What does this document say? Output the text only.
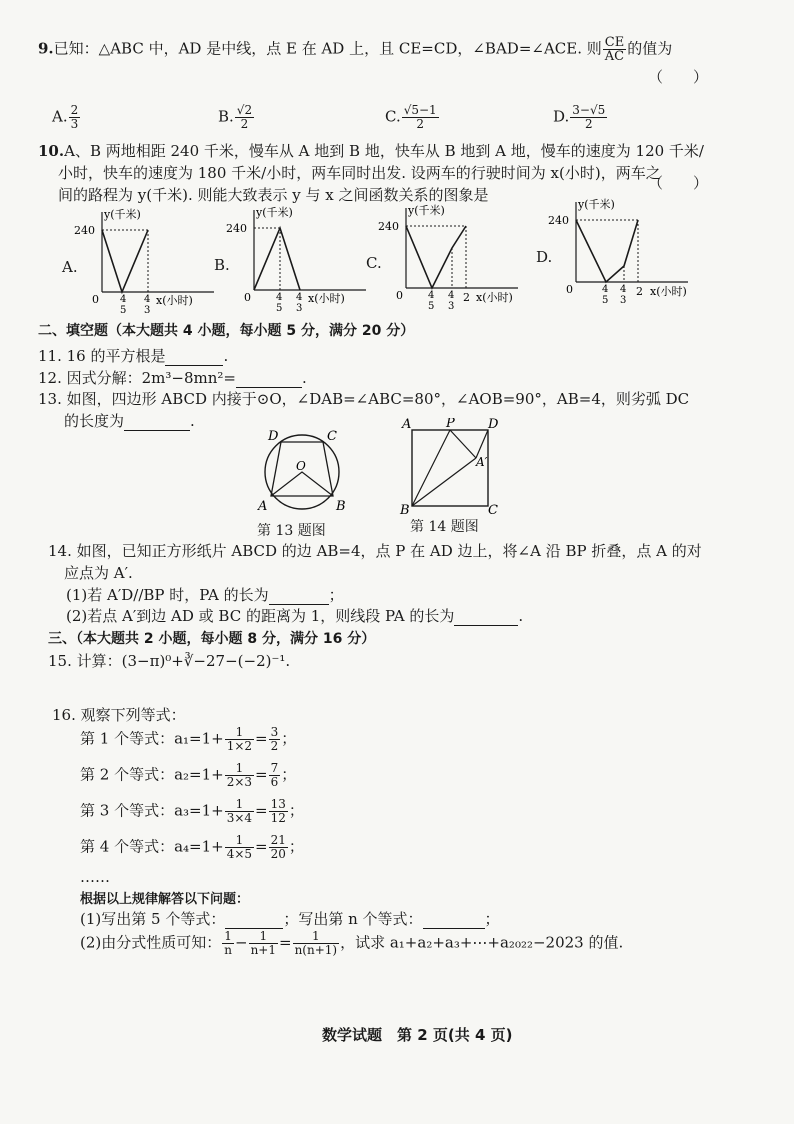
9.已知：△ABC 中，AD 是中线，点 E 在 AD 上，且 CE=CD，∠BAD=∠ACE. 则 $\frac{CE}{AC}$ 的值为
（　　）
A. $\frac{2}{3}$	B. $\frac{√2}{2}$	C. $\frac{√5-1}{2}$	D. $\frac{3-√5}{2}$
10.A、B 两地相距 240 千米，慢车从 A 地到 B 地，快车从 B 地到 A 地，慢车的速度为 120 千米/
小时，快车的速度为 180 千米/小时，两车同时出发. 设两车的行驶时间为 x(小时)，两车之
间的路程为 y(千米). 则能大致表示 y 与 x 之间函数关系的图象是
（　　）
A.
y(千米)
240
0 4
5
4
3
x(小时)
B.
y(千米)
240
0	4
5
4
3
x(小时)
C.
y(千米)
240
0	4
5
4
3
2 x(小时)
D.
y(千米)
240
0	4
5
4
3
2 x(小时)
二、填空题（本大题共 4 小题，每小题 5 分，满分 20 分）
11. 16 的平方根是	.
12. 因式分解：2m³−8mn²=	.
13. 如图，四边形 ABCD 内接于⊙O，∠DAB=∠ABC=80°，∠AOB=90°，AB=4，则劣弧 DC
的长度为	.
D	C
O
A	B
第 13 题图
A	P	D
A′
B	C
第 14 题图
14. 如图，已知正方形纸片 ABCD 的边 AB=4，点 P 在 AD 边上，将∠A 沿 BP 折叠，点 A 的对
应点为 A′.
(1)若 A′D//BP 时，PA 的长为	；
(2)若点 A′到边 AD 或 BC 的距离为 1，则线段 PA 的长为	.
三、（本大题共 2 小题，每小题 8 分，满分 16 分）
15. 计算：(3−π)⁰+∛−27−(−2)⁻¹.
16. 观察下列等式：
第 1 个等式：$a_1=1+ \frac{1}{1\times 2} = \frac{3}{2}$ ；
第 2 个等式：$a_2=1+ \frac{1}{2\times 3} = \frac{7}{6}$ ；
第 3 个等式：$a_3=1+ \frac{1}{3\times 4} = \frac{13}{12}$ ；
第 4 个等式：$a_4=1+ \frac{1}{4\times 5} = \frac{21}{20}$ ；
……
根据以上规律解答以下问题：
(1)写出第 5 个等式：	；写出第 n 个等式：	；
(2)由分式性质可知： $\frac{1}{n} - \frac{1}{n+1} = \frac{1}{n(n+1)}$ ，试求 a₁+a₂+a₃+⋯+a₂₀₂₂−2023 的值.
数学试题　第 2 页(共 4 页)
